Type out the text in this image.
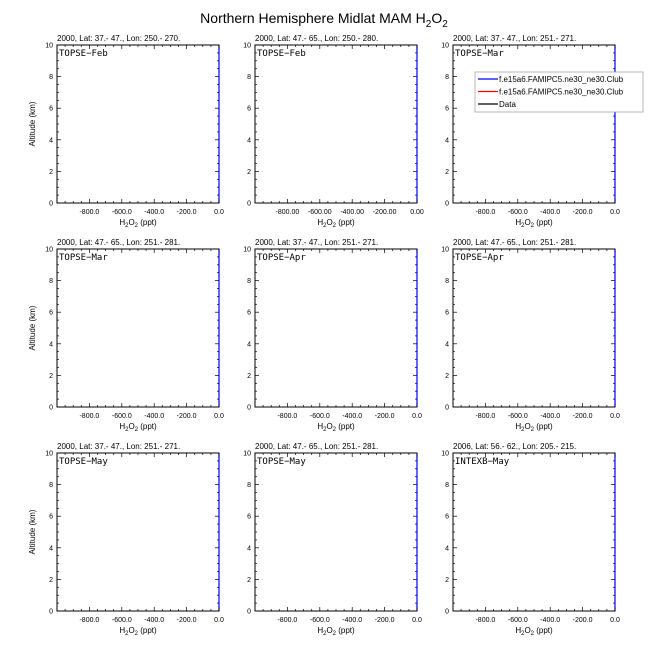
Northern Hemisphere Midlat MAM $H_2O_2$
2000, Lat: 37.- 47., Lon: 250.- 270.
0
2
4
6
8
10
-800.0 -600.0 -400.0 -200.0	0.0
$H_2O_2$ (ppt)
Altitude (km)
TOPSE−Feb
2000, Lat: 47.- 65., Lon: 250.- 280.
0
2
4
6
8
10
-800.00 -600.00 -400.00 -200.00 0.00
$H_2O_2$ (ppt)
TOPSE−Feb
2000, Lat: 37.- 47., Lon: 251.- 271.
0
2
4
6
8
10
-800.0 -600.0 -400.0 -200.0	0.0
$H_2O_2$ (ppt)
TOPSE−Mar
f.e15a6.FAMIPC5.ne30_ne30.Club
f.e15a6.FAMIPC5.ne30_ne30.Club
Data
2000, Lat: 47.- 65., Lon: 251.- 281.
0
2
4
6
8
10
-800.0 -600.0 -400.0 -200.0	0.0
$H_2O_2$ (ppt)
Altitude (km)
TOPSE−Mar
2000, Lat: 37.- 47., Lon: 251.- 271.
0
2
4
6
8
10
-800.0 -600.0 -400.0 -200.0	0.0
$H_2O_2$ (ppt)
TOPSE−Apr
2000, Lat: 47.- 65., Lon: 251.- 281.
0
2
4
6
8
10
-800.0 -600.0 -400.0 -200.0	0.0
$H_2O_2$ (ppt)
TOPSE−Apr
2000, Lat: 37.- 47., Lon: 251.- 271.
0
2
4
6
8
10
-800.0 -600.0 -400.0 -200.0	0.0
$H_2O_2$ (ppt)
Altitude (km)
TOPSE−May
2000, Lat: 47.- 65., Lon: 251.- 281.
0
2
4
6
8
10
-800.0 -600.0 -400.0 -200.0	0.0
$H_2O_2$ (ppt)
TOPSE−May
2006, Lat: 56.- 62., Lon: 205.- 215.
0
2
4
6
8
10
-800.0 -600.0 -400.0 -200.0	0.0
$H_2O_2$ (ppt)
INTEXB−May
